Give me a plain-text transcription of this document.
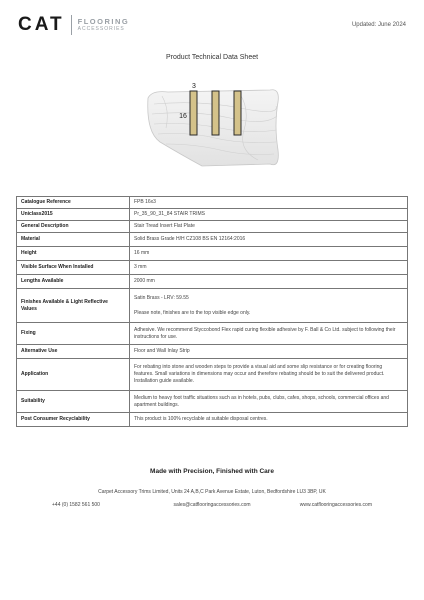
CAT FLOORING
ACCESSORIES
Updated: June 2024
Product Technical Data Sheet
3
16
Catalogue Reference	FPB 16x3
Uniclass2015	Pr_35_90_31_84 STAIR TRIMS
General Description	Stair Tread Insert Flat Plate
Material	Solid Brass Grade H/H CZ108 BS EN 12164:2016
Height	16 mm
Visible Surface When Installed	3 mm
Lengths Available	2000 mm
Finishes Available & Light Reflective Values	Satin Brass - LRV: 59.55
Please note, finishes are to the top visible edge only.

Fixing	Adhesive. We recommend Styccobond Flex rapid curing flexible adhesive by F. Ball & Co Ltd. subject to following their instructions for use.
Alternative Use	Floor and Wall Inlay Strip
Application	For rebating into stone and wooden steps to provide a visual aid and some slip resistance or for creating flooring features. Small variations in dimensions may occur and therefore rebating should be to suit the delivered product. Installation guide available.
Suitability	Medium to heavy foot traffic situations such as in hotels, pubs, clubs, cafes, shops, schools, commercial offices and apartment buildings.
Post Consumer Recyclability	This product is 100% recyclable at suitable disposal centres.
Made with Precision, Finished with Care
Carpet Accessory Trims Limited, Units 24 A,B,C Park Avenue Estate, Luton, Bedfordshire LU3 3BP, UK
+44 (0) 1582 561 500	sales@catflooringaccessories.com	www.catflooringaccessories.com
